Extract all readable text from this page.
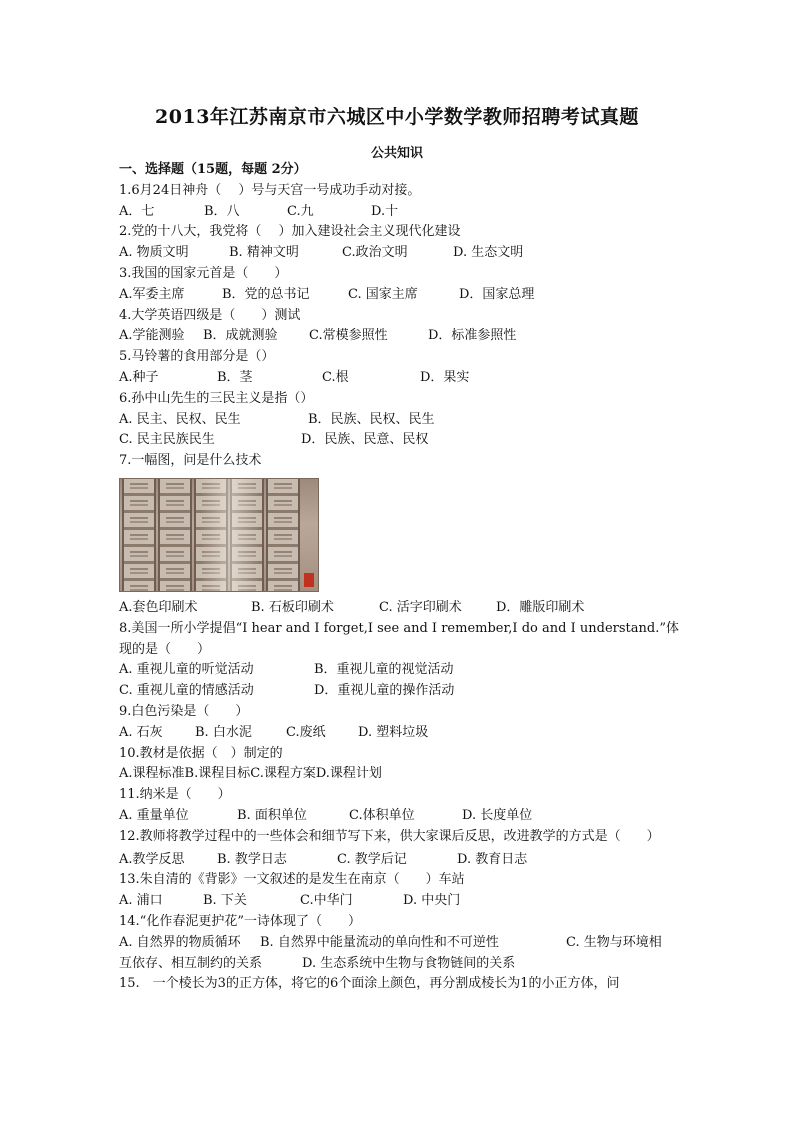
2013年江苏南京市六城区中小学数学教师招聘考试真题
公共知识
一、选择题（15题，每题 2分）
1.6月24日神舟（　 ）号与天宫一号成功手动对接。
A．七	B．八	C.九	D.十
2.党的十八大，我党将（　 ）加入建设社会主义现代化建设
A. 物质文明	B. 精神文明	C.政治文明	D. 生态文明
3.我国的国家元首是（　　）
A.军委主席	B．党的总书记	C. 国家主席	D．国家总理
4.大学英语四级是（　　）测试
A.学能测验 B．成就测验 C.常模参照性	D．标准参照性
5.马铃薯的食用部分是（）
A.种子	B．茎	C.根	D．果实
6.孙中山先生的三民主义是指（）
A. 民主、民权、民生	B．民族、民权、民生
C. 民主民族民生	D．民族、民意、民权
7.一幅图，问是什么技术
A.套色印刷术	B. 石板印刷术	C. 活字印刷术	D．雕版印刷术
8.美国一所小学提倡“I hear and I forget,I see and I remember,I do and I understand.”体现的是（　　）
A. 重视儿童的听觉活动	B．重视儿童的视觉活动
C. 重视儿童的情感活动	D．重视儿童的操作活动
9.白色污染是（　　）
A. 石灰 B. 白水泥	C.废纸 D. 塑料垃圾
10.教材是依据（　）制定的
A.课程标准B.课程目标C.课程方案D.课程计划
11.纳米是（　　）
A. 重量单位	B. 面积单位	C.体积单位	D. 长度单位
12.教师将教学过程中的一些体会和细节写下来，供大家课后反思，改进教学的方式是（　　）
A.教学反思 B. 教学日志	C. 教学后记	D. 教育日志
13.朱自清的《背影》一文叙述的是发生在南京（　　）车站
A. 浦口	B. 下关	C.中华门	D. 中央门
14.“化作春泥更护花”一诗体现了（　　）
A. 自然界的物质循环 B. 自然界中能量流动的单向性和不可逆性	C. 生物与环境相
互依存、相互制约的关系	D. 生态系统中生物与食物链间的关系
15.　一个棱长为3的正方体，将它的6个面涂上颜色，再分割成棱长为1的小正方体，问
